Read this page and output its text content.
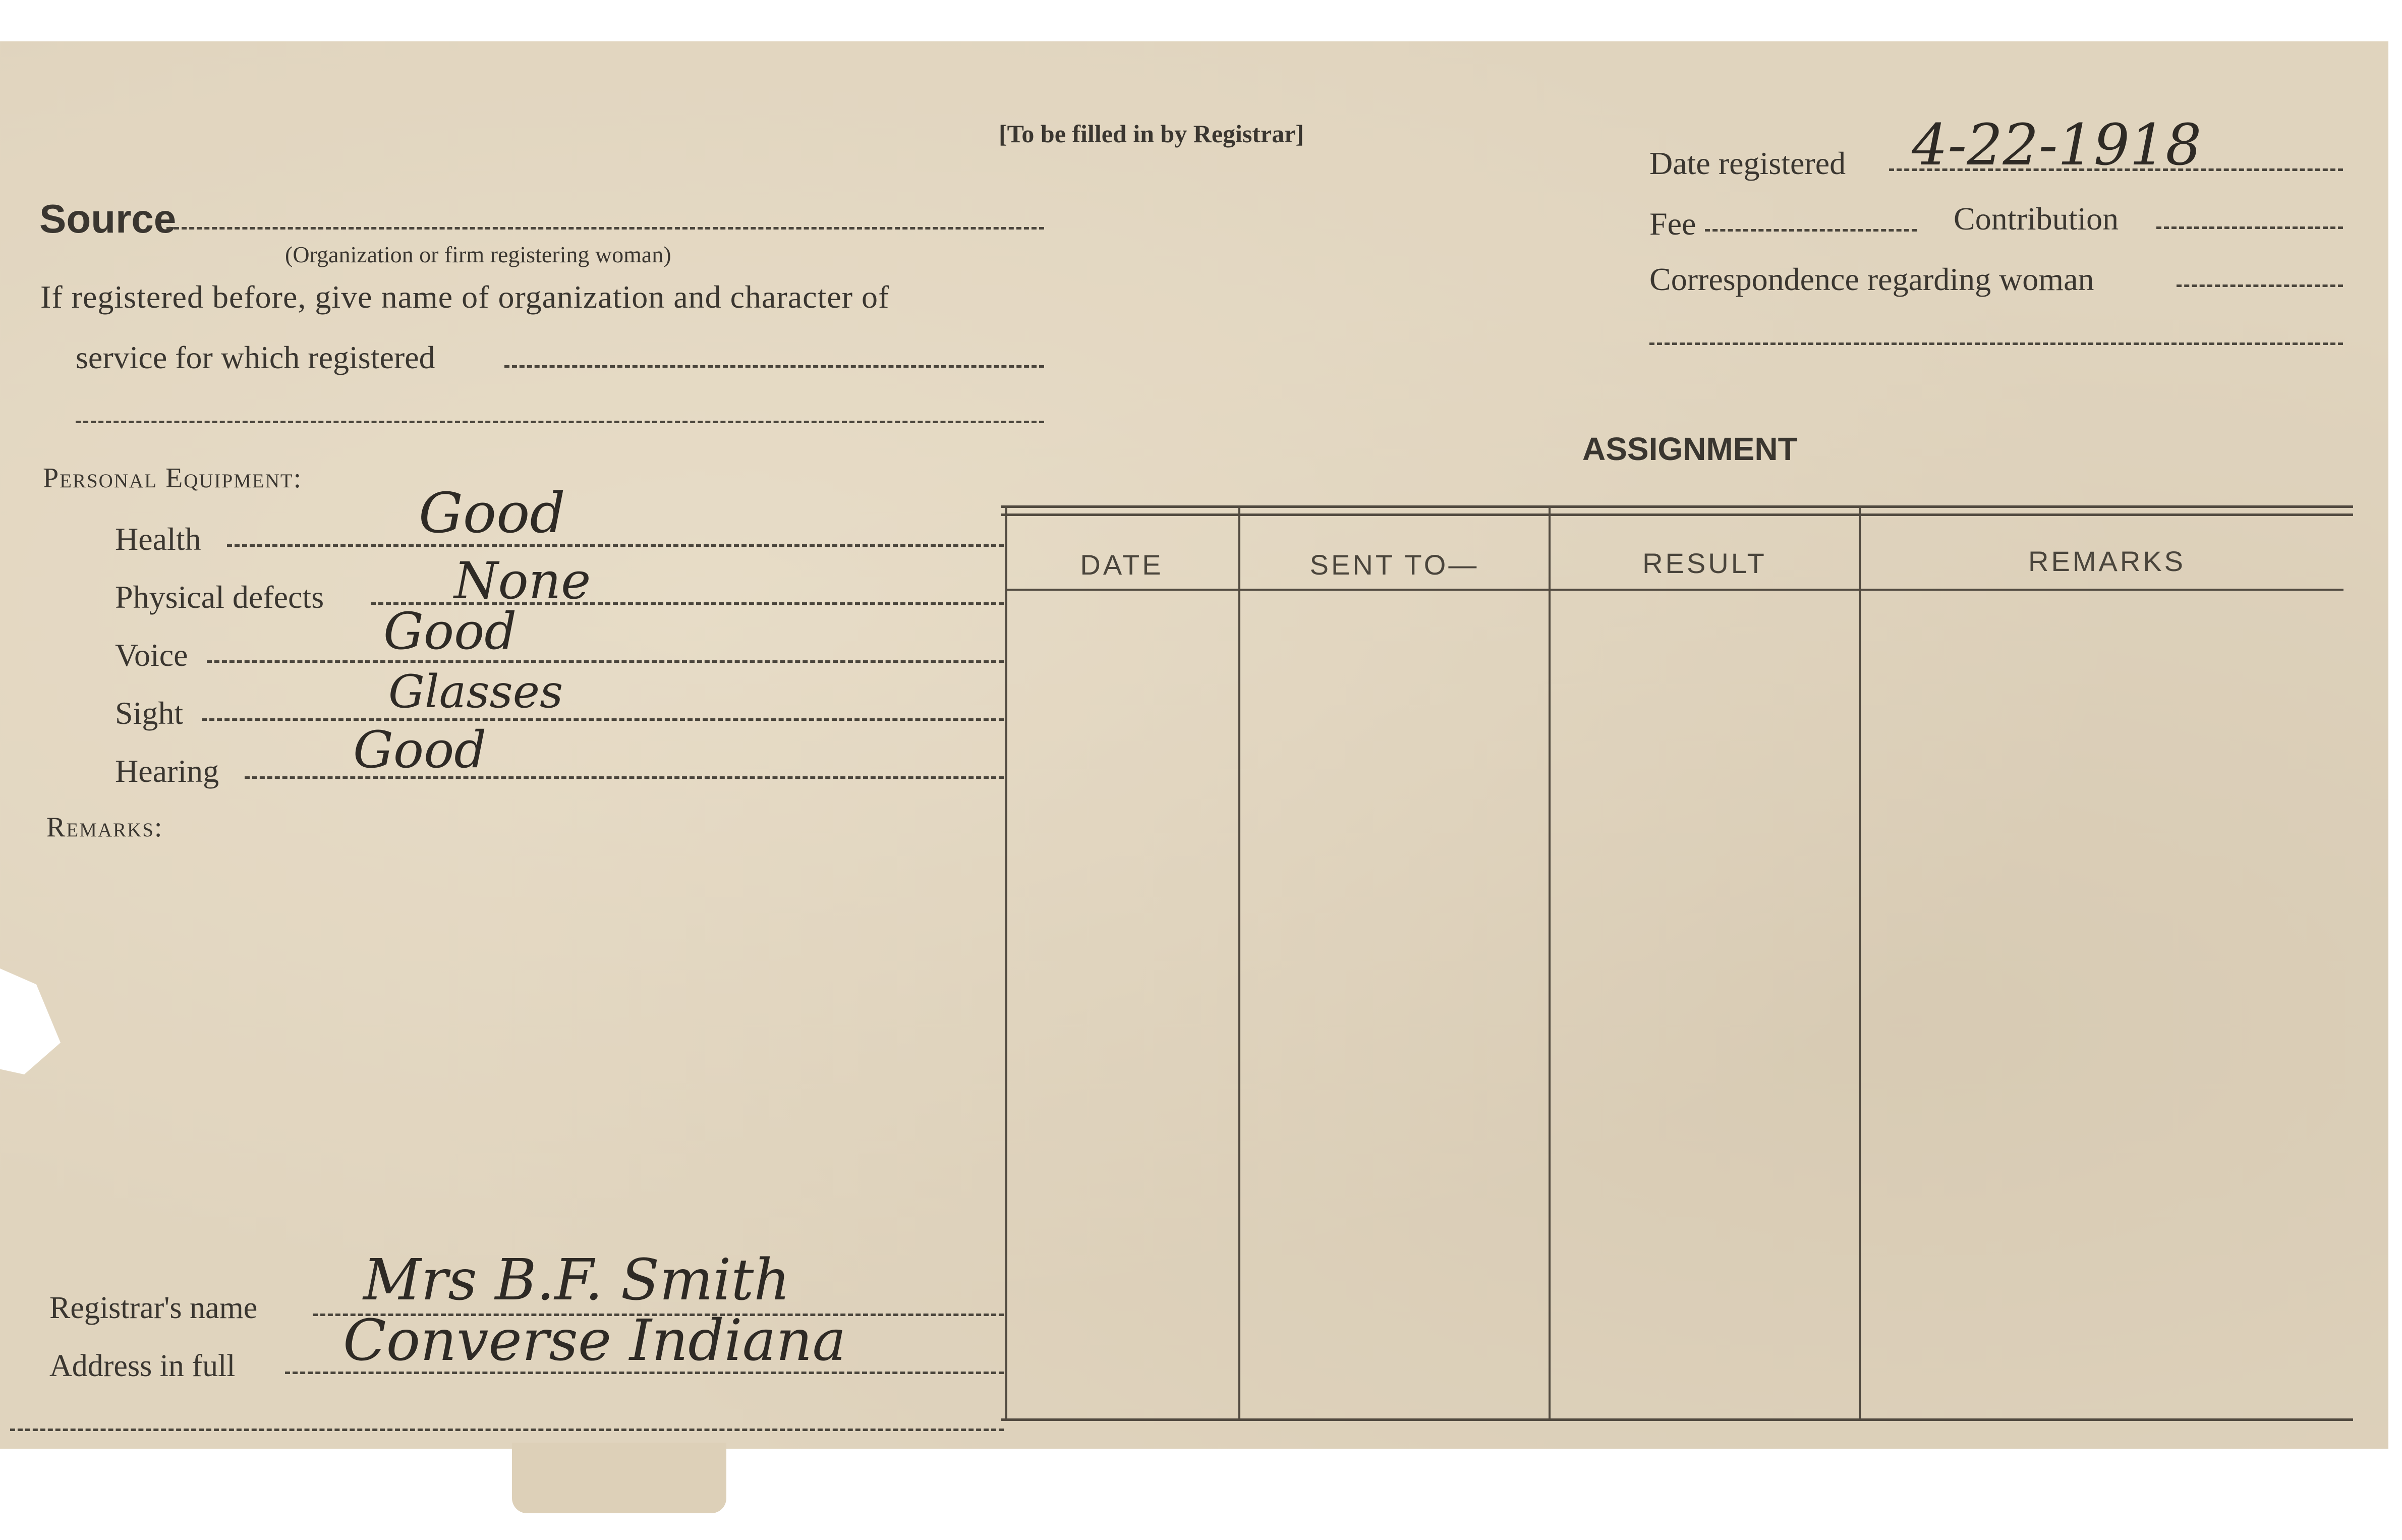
[To be filled in by Registrar]
Source
(Organization or firm registering woman)
If registered before, give name of organization and character of
service for which registered
Personal Equipment:
Health	Good
Physical defects	None
Voice	Good
Sight	Glasses
Hearing	Good
Remarks:
Registrar's name Mrs B.F. Smith
Address in full Converse Indiana
Date registered 4-22-1918
Fee	Contribution
Correspondence regarding woman
ASSIGNMENT
DATE	SENT TO—	RESULT	REMARKS
